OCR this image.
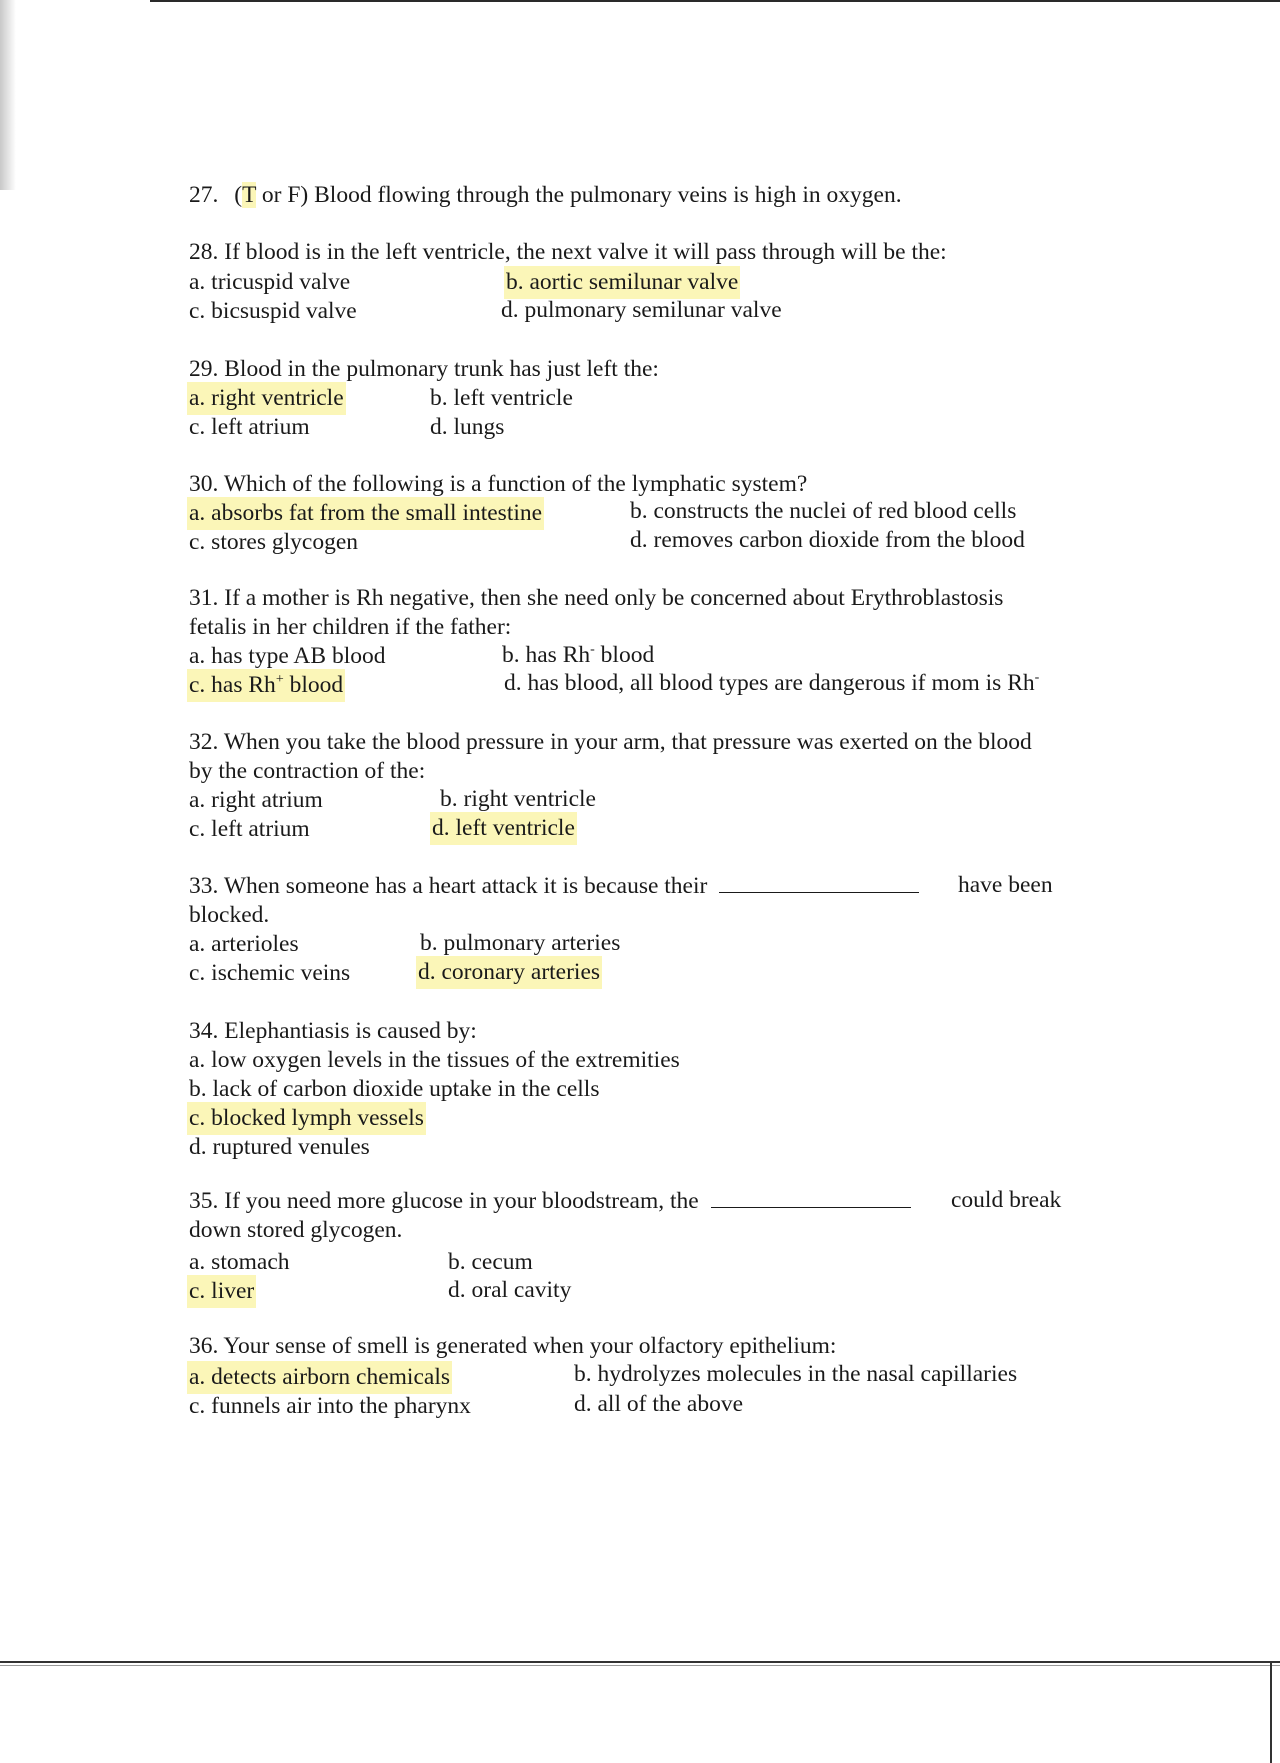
27. (T or F) Blood flowing through the pulmonary veins is high in oxygen.
28. If blood is in the left ventricle, the next valve it will pass through will be the:
a. tricuspid valve	b. aortic semilunar valve
c. bicsuspid valve	d. pulmonary semilunar valve
29. Blood in the pulmonary trunk has just left the:
a. right ventricle	b. left ventricle
c. left atrium	d. lungs
30. Which of the following is a function of the lymphatic system?
a. absorbs fat from the small intestine	b. constructs the nuclei of red blood cells
c. stores glycogen	d. removes carbon dioxide from the blood
31. If a mother is Rh negative, then she need only be concerned about Erythroblastosis
fetalis in her children if the father:
a. has type AB blood	b. has Rh- blood
c. has Rh+ blood	d. has blood, all blood types are dangerous if mom is Rh-
32. When you take the blood pressure in your arm, that pressure was exerted on the blood
by the contraction of the:
a. right atrium	b. right ventricle
c. left atrium	d. left ventricle
33. When someone has a heart attack it is because their	have been
blocked.
a. arterioles	b. pulmonary arteries
c. ischemic veins	d. coronary arteries
34. Elephantiasis is caused by:
a. low oxygen levels in the tissues of the extremities
b. lack of carbon dioxide uptake in the cells
c. blocked lymph vessels
d. ruptured venules
35. If you need more glucose in your bloodstream, the	could break
down stored glycogen.
a. stomach	b. cecum
c. liver	d. oral cavity
36. Your sense of smell is generated when your olfactory epithelium:
a. detects airborn chemicals	b. hydrolyzes molecules in the nasal capillaries
c. funnels air into the pharynx	d. all of the above
